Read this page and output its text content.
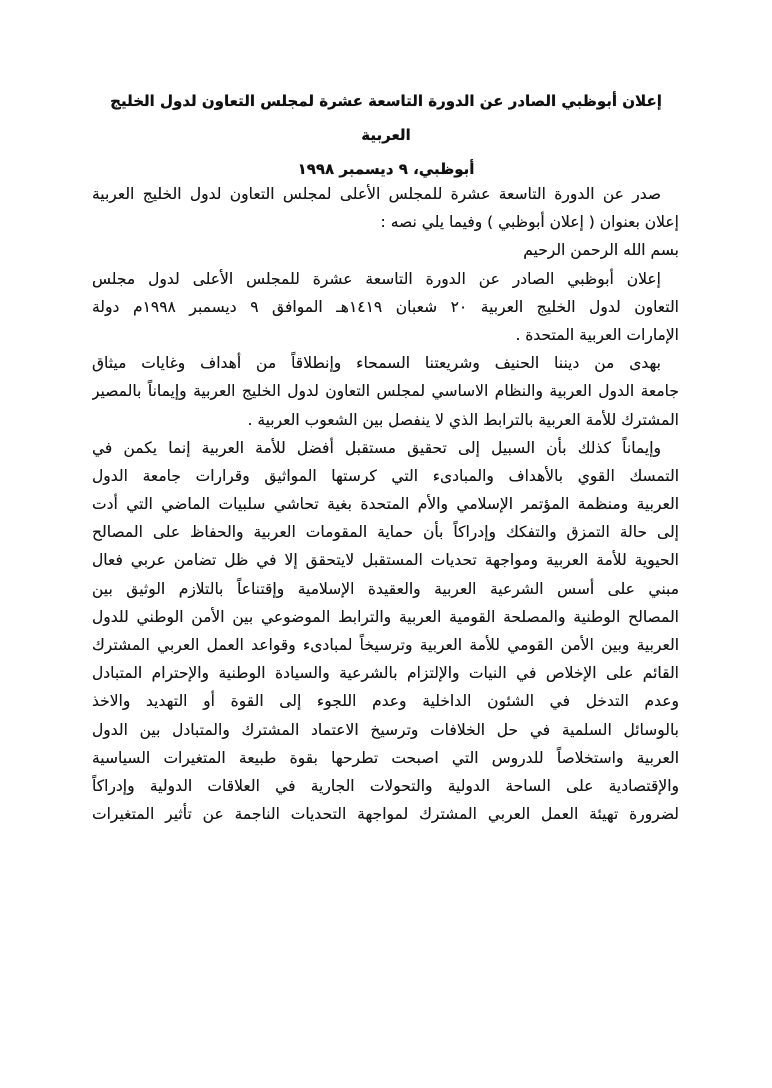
إعلان أبوظبي الصادر عن الدورة التاسعة عشرة لمجلس التعاون لدول الخليج العربية
أبوظبي، ٩ ديسمبر ١٩٩٨
صدر عن الدورة التاسعة عشرة للمجلس الأعلى لمجلس التعاون لدول الخليج العربية
إعلان بعنوان ( إعلان أبوظبي ) وفيما يلي نصه :
بسم الله الرحمن الرحيم
إعلان أبوظبي الصادر عن الدورة التاسعة عشرة للمجلس الأعلى لدول مجلس
التعاون لدول الخليج العربية ٢٠ شعبان ١٤١٩هـ الموافق ٩ ديسمبر ١٩٩٨م دولة
الإمارات العربية المتحدة .
بهدى من ديننا الحنيف وشريعتنا السمحاء وإنطلاقاً من أهداف وغايات ميثاق
جامعة الدول العربية والنظام الاساسي لمجلس التعاون لدول الخليج العربية وإيماناً بالمصير
المشترك للأمة العربية بالترابط الذي لا ينفصل بين الشعوب العربية .
وإيماناً كذلك بأن السبيل إلى تحقيق مستقبل أفضل للأمة العربية إنما يكمن في
التمسك القوي بالأهداف والمبادىء التي كرستها المواثيق وقرارات جامعة الدول
العربية ومنظمة المؤتمر الإسلامي والأم المتحدة بغية تحاشي سلبيات الماضي التي أدت
إلى حالة التمزق والتفكك وإدراكاً بأن حماية المقومات العربية والحفاظ على المصالح
الحيوية للأمة العربية ومواجهة تحديات المستقبل لايتحقق إلا في ظل تضامن عربي فعال
مبني على أسس الشرعية العربية والعقيدة الإسلامية وإقتناعاً بالتلازم الوثيق بين
المصالح الوطنية والمصلحة القومية العربية والترابط الموضوعي بين الأمن الوطني للدول
العربية وبين الأمن القومي للأمة العربية وترسيخاً لمبادىء وقواعد العمل العربي المشترك
القائم على الإخلاص في النيات والإلتزام بالشرعية والسيادة الوطنية والإحترام المتبادل
وعدم التدخل في الشئون الداخلية وعدم اللجوء إلى القوة أو التهديد والاخذ
بالوسائل السلمية في حل الخلافات وترسيخ الاعتماد المشترك والمتبادل بين الدول
العربية واستخلاصاً للدروس التي اصبحت تطرحها بقوة طبيعة المتغيرات السياسية
والإقتصادية على الساحة الدولية والتحولات الجارية في العلاقات الدولية وإدراكاً
لضرورة تهيئة العمل العربي المشترك لمواجهة التحديات الناجمة عن تأثير المتغيرات
